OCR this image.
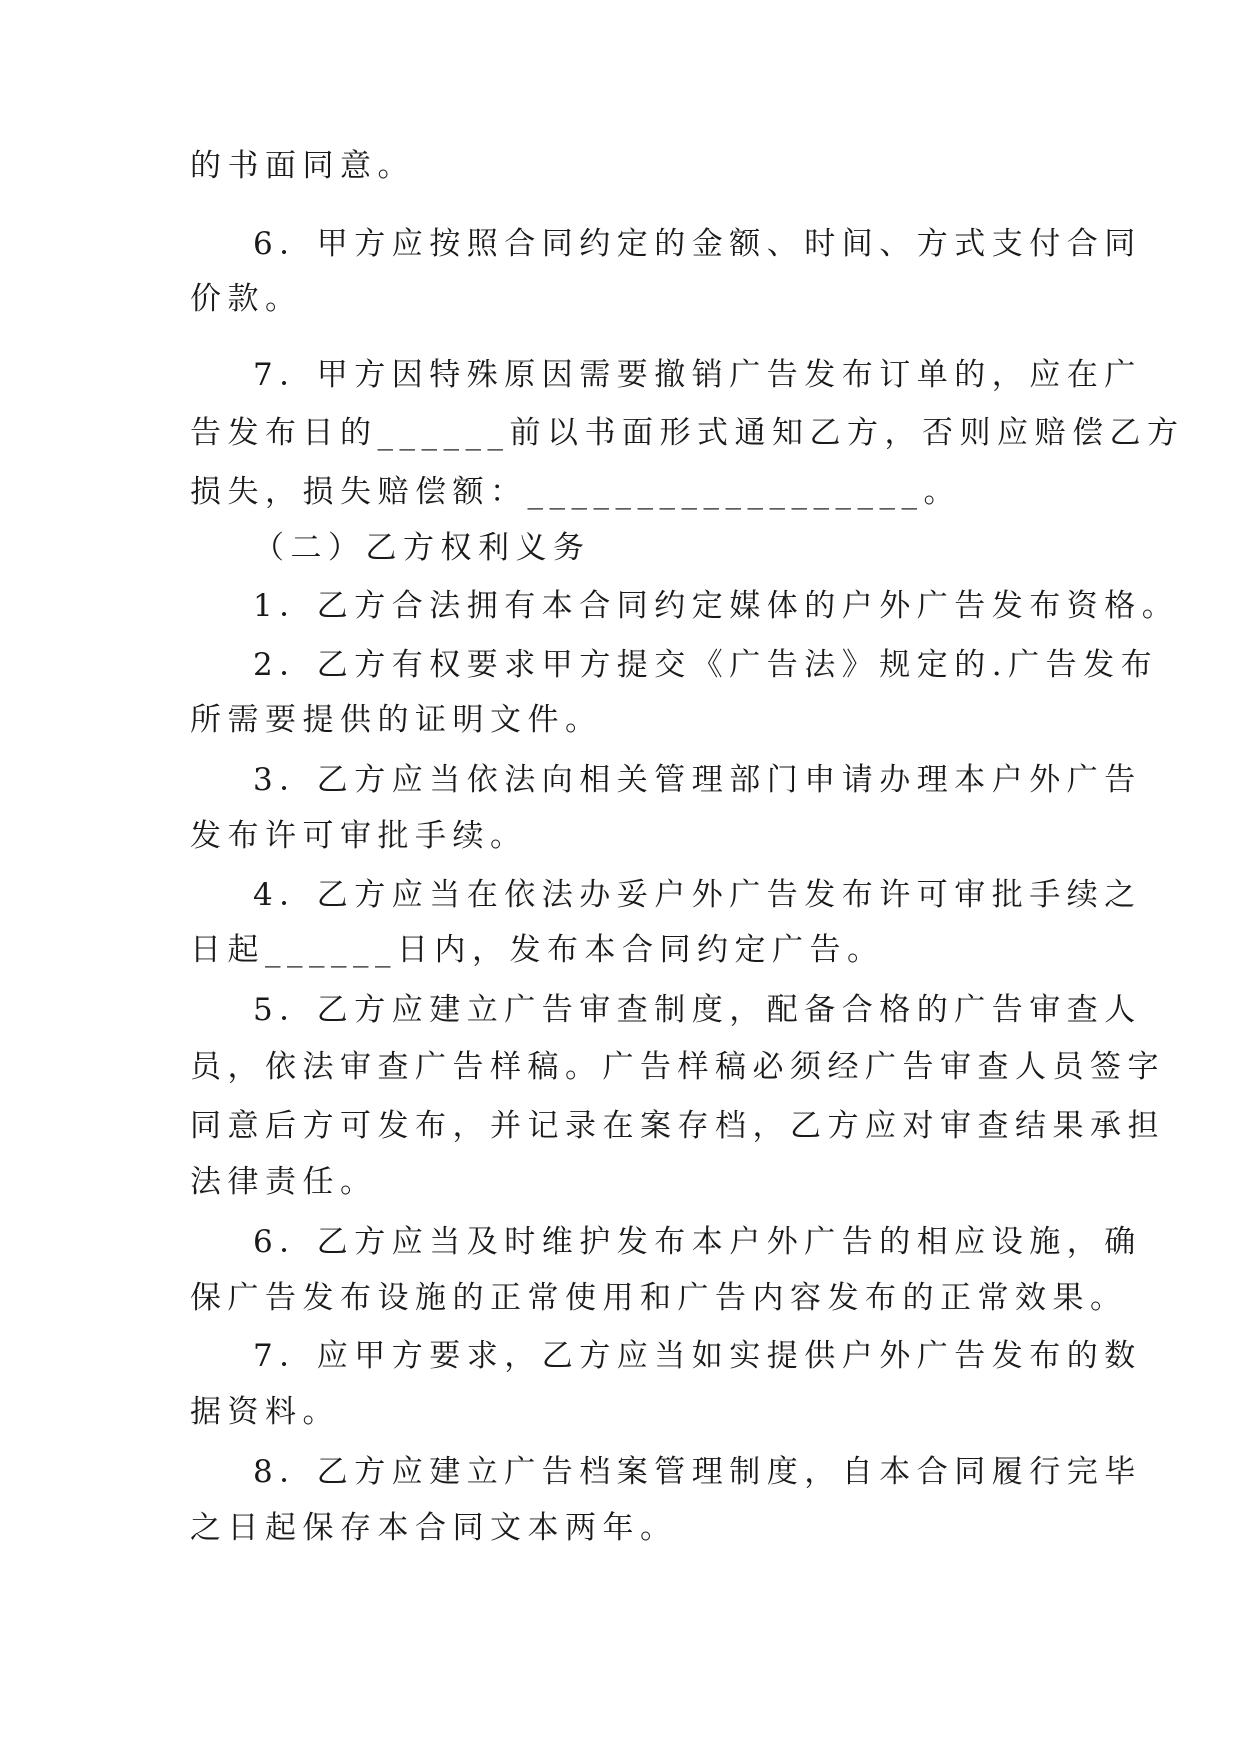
的书面同意。
6．甲方应按照合同约定的金额、时间、方式支付合同
价款。
7．甲方因特殊原因需要撤销广告发布订单的，应在广
告发布日的______前以书面形式通知乙方，否则应赔偿乙方
损失，损失赔偿额：__________________。
（二）乙方权利义务
1．乙方合法拥有本合同约定媒体的户外广告发布资格。
2．乙方有权要求甲方提交《广告法》规定的.广告发布
所需要提供的证明文件。
3．乙方应当依法向相关管理部门申请办理本户外广告
发布许可审批手续。
4．乙方应当在依法办妥户外广告发布许可审批手续之
日起______日内，发布本合同约定广告。
5．乙方应建立广告审查制度，配备合格的广告审查人
员，依法审查广告样稿。广告样稿必须经广告审查人员签字
同意后方可发布，并记录在案存档，乙方应对审查结果承担
法律责任。
6．乙方应当及时维护发布本户外广告的相应设施，确
保广告发布设施的正常使用和广告内容发布的正常效果。
7．应甲方要求，乙方应当如实提供户外广告发布的数
据资料。
8．乙方应建立广告档案管理制度，自本合同履行完毕
之日起保存本合同文本两年。
